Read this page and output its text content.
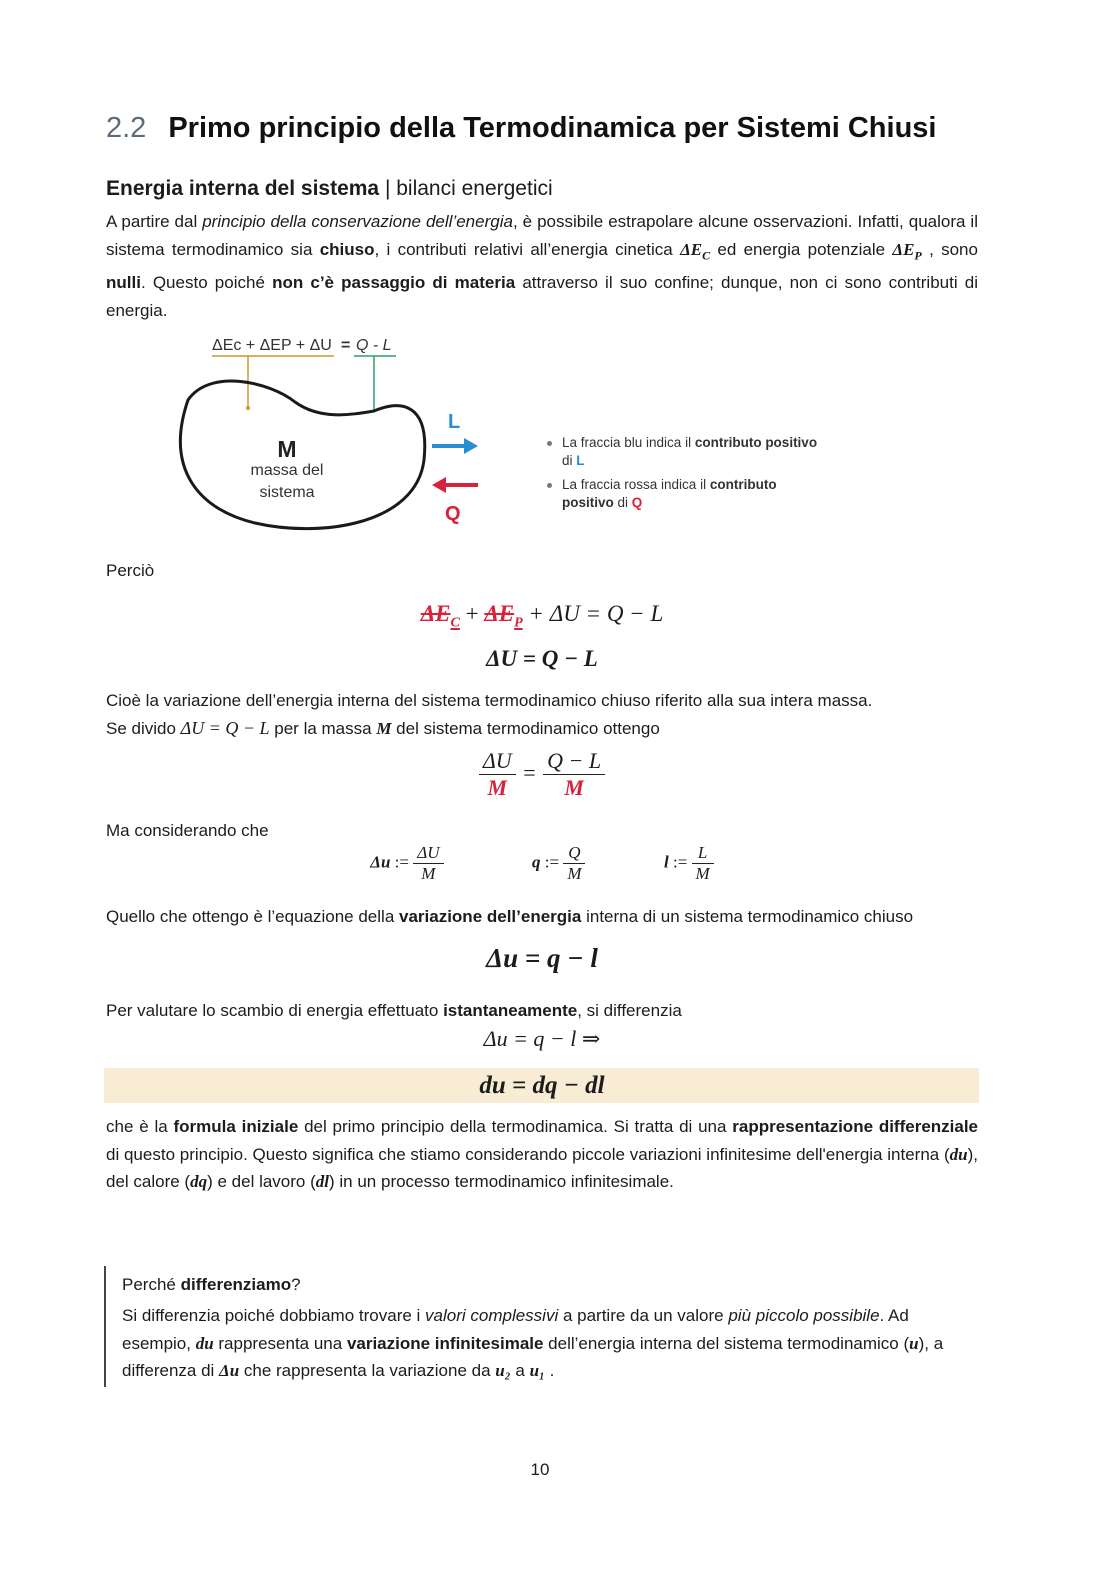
2.2 Primo principio della Termodinamica per Sistemi Chiusi
Energia interna del sistema | bilanci energetici
A partire dal principio della conservazione dell’energia, è possibile estrapolare alcune osservazioni. Infatti, qualora il sistema termodinamico sia chiuso, i contributi relativi all’energia cinetica $\Delta E_C$ ed energia potenziale $\Delta E_P$ , sono nulli. Questo poiché non c’è passaggio di materia attraverso il suo confine; dunque, non ci sono contributi di energia.
ΔEc + ΔEP + ΔU = Q - L
M
massa del
sistema
L
Q
La fraccia blu indica il contributo positivo di L
La fraccia rossa indica il contributo positivo di Q
Perciò
$\Delta E_C + \Delta E_P + \Delta U = Q - L$
ΔU = Q − L
Cioè la variazione dell’energia interna del sistema termodinamico chiuso riferito alla sua intera massa.
Se divido ΔU = Q − L per la massa M del sistema termodinamico ottengo
$\frac{\Delta U}{M} = \frac{Q - L}{M}$
Ma considerando che
Δu := $\frac{\Delta U}{M}$	q := $\frac{Q}{M}$	l := $\frac{L}{M}$
Quello che ottengo è l’equazione della variazione dell’energia interna di un sistema termodinamico chiuso
Δu = q − l
Per valutare lo scambio di energia effettuato istantaneamente, si differenzia
Δu = q − l ⇒
du = dq − dl
che è la formula iniziale del primo principio della termodinamica. Si tratta di una rappresentazione differenziale di questo principio. Questo significa che stiamo considerando piccole variazioni infinitesime dell'energia interna (du), del calore (dq) e del lavoro (dl) in un processo termodinamico infinitesimale.
Perché differenziamo?
Si differenzia poiché dobbiamo trovare i valori complessivi a partire da un valore più piccolo possibile. Ad esempio, du rappresenta una variazione infinitesimale dell’energia interna del sistema termodinamico (u), a differenza di Δu che rappresenta la variazione da u₂ a u₁ .
10
